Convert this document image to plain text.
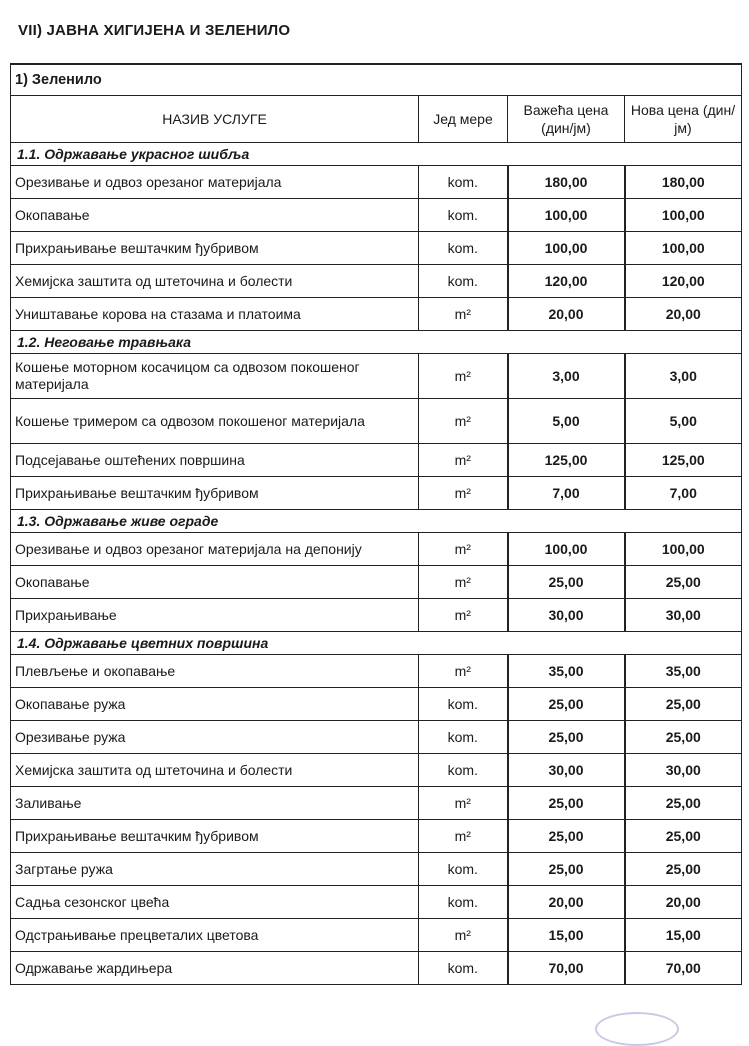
VII) ЈАВНА ХИГИЈЕНА И ЗЕЛЕНИЛО
1) Зеленило			
НАЗИВ УСЛУГЕ	Јед мере	Важећа цена (дин/јм)	Нова цена (дин/јм)
1.1. Одржавање украсног шибља			
Орезивање и одвоз орезаног материјала	kom.	180,00	180,00
Окопавање	kom.	100,00	100,00
Прихрањивање вештачким ђубривом	kom.	100,00	100,00
Хемијска заштита од штеточина и болести	kom.	120,00	120,00
Уништавање корова на стазама и платоима	m²	20,00	20,00
1.2. Неговање травњака			
Кошење моторном косачицом са одвозом покошеног материјала	m²	3,00	3,00
Кошење тримером са одвозом покошеног материјала	m²	5,00	5,00
Подсејавање оштећених површина	m²	125,00	125,00
Прихрањивање вештачким ђубривом	m²	7,00	7,00
1.3. Одржавање живе ограде			
Орезивање и одвоз орезаног материјала на депонију	m²	100,00	100,00
Окопавање	m²	25,00	25,00
Прихрањивање	m²	30,00	30,00
1.4. Одржавање цветних површина			
Плевљење и окопавање	m²	35,00	35,00
Окопавање ружа	kom.	25,00	25,00
Орезивање ружа	kom.	25,00	25,00
Хемијска заштита од штеточина и болести	kom.	30,00	30,00
Заливање	m²	25,00	25,00
Прихрањивање вештачким ђубривом	m²	25,00	25,00
Загртање ружа	kom.	25,00	25,00
Садња сезонског цвећа	kom.	20,00	20,00
Одстрањивање прецветалих цветова	m²	15,00	15,00
Одржавање жардињера	kom.	70,00	70,00
